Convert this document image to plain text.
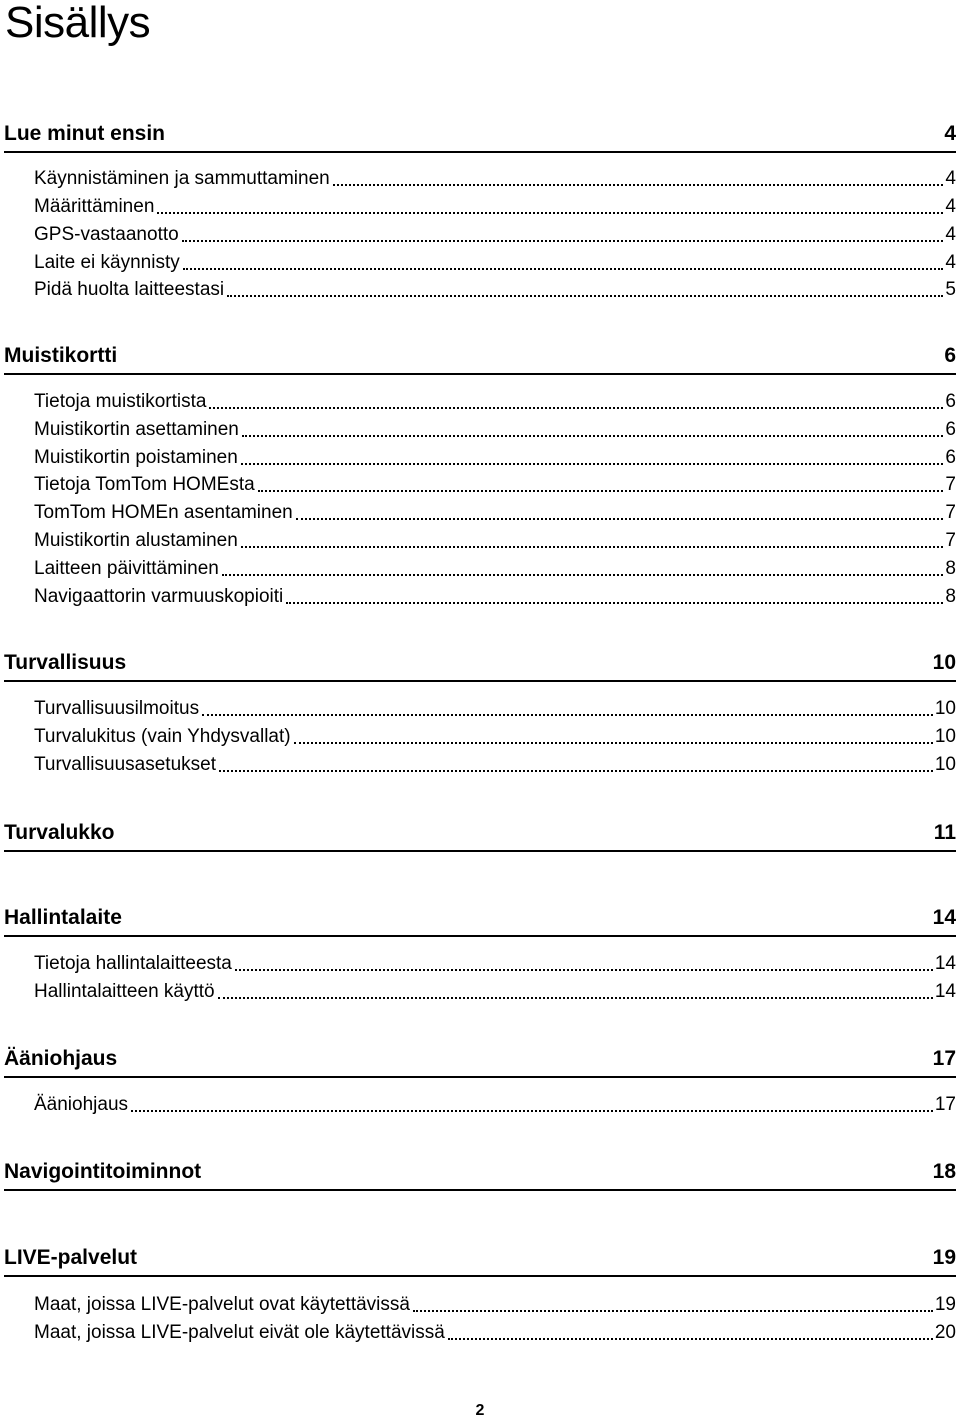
Sisällys
Lue minut ensin	4
Käynnistäminen ja sammuttaminen	4
Määrittäminen	4
GPS-vastaanotto	4
Laite ei käynnisty	4
Pidä huolta laitteestasi	5
Muistikortti	6
Tietoja muistikortista	6
Muistikortin asettaminen	6
Muistikortin poistaminen	6
Tietoja TomTom HOMEsta	7
TomTom HOMEn asentaminen	7
Muistikortin alustaminen	7
Laitteen päivittäminen	8
Navigaattorin varmuuskopioiti	8
Turvallisuus	10
Turvallisuusilmoitus	10
Turvalukitus (vain Yhdysvallat)	10
Turvallisuusasetukset	10
Turvalukko	11
Hallintalaite	14
Tietoja hallintalaitteesta	14
Hallintalaitteen käyttö	14
Ääniohjaus	17
Ääniohjaus	17
Navigointitoiminnot	18
LIVE-palvelut	19
Maat, joissa LIVE-palvelut ovat käytettävissä	19
Maat, joissa LIVE-palvelut eivät ole käytettävissä	20
2
